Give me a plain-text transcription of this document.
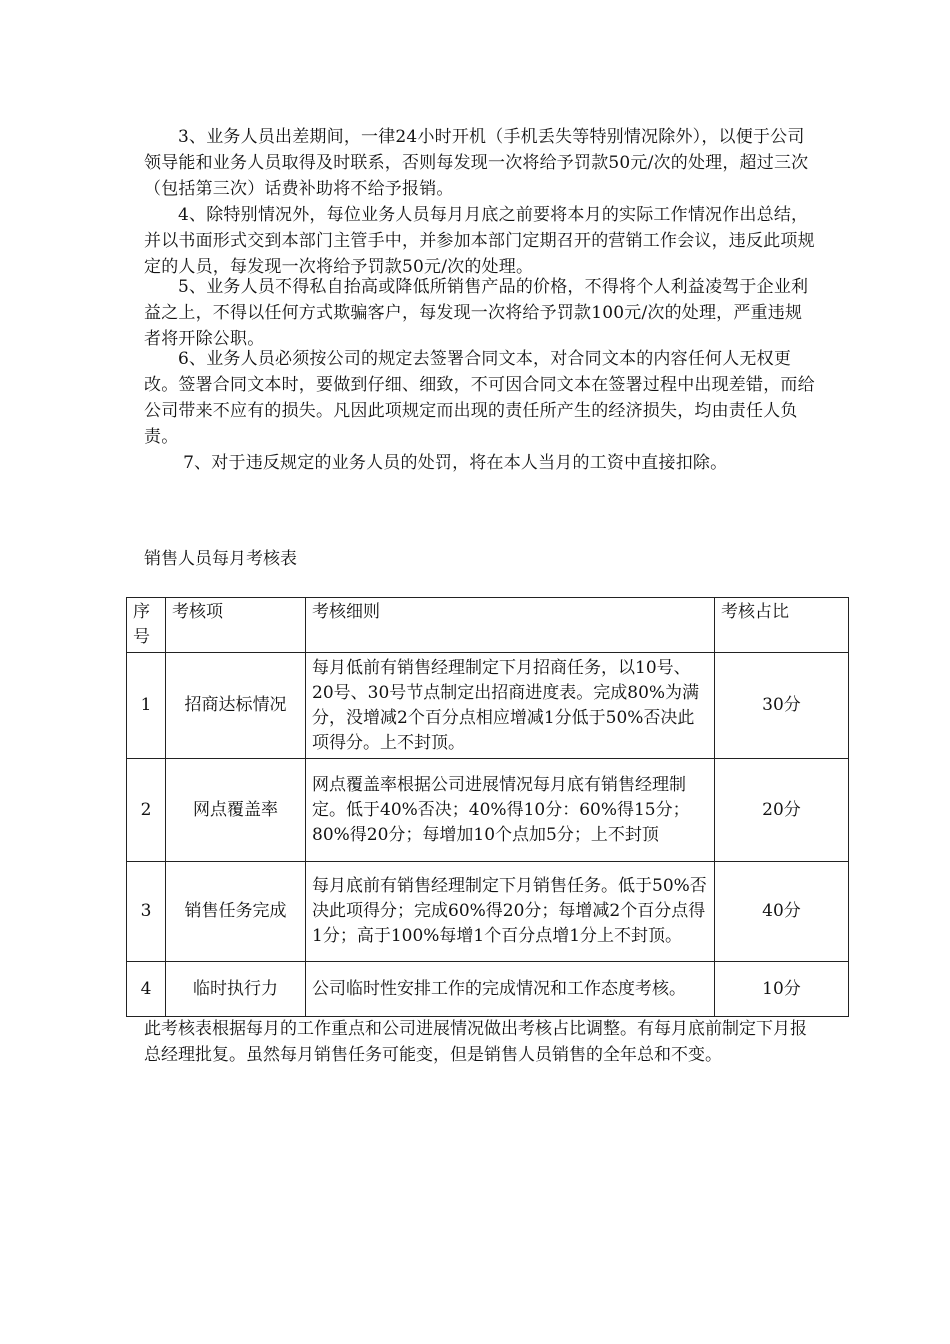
3、业务人员出差期间，一律24小时开机（手机丢失等特别情况除外），以便于公司领导能和业务人员取得及时联系，否则每发现一次将给予罚款50元/次的处理，超过三次（包括第三次）话费补助将不给予报销。

4、除特别情况外，每位业务人员每月月底之前要将本月的实际工作情况作出总结，并以书面形式交到本部门主管手中，并参加本部门定期召开的营销工作会议，违反此项规定的人员，每发现一次将给予罚款50元/次的处理。

5、业务人员不得私自抬高或降低所销售产品的价格，不得将个人利益凌驾于企业利益之上，不得以任何方式欺骗客户，每发现一次将给予罚款100元/次的处理，严重违规者将开除公职。

6、业务人员必须按公司的规定去签署合同文本，对合同文本的内容任何人无权更改。签署合同文本时，要做到仔细、细致，不可因合同文本在签署过程中出现差错，而给公司带来不应有的损失。凡因此项规定而出现的责任所产生的经济损失，均由责任人负责。

7、对于违反规定的业务人员的处罚，将在本人当月的工资中直接扣除。

销售人员每月考核表

序号	考核项	考核细则	考核占比
1	招商达标情况	每月低前有销售经理制定下月招商任务，以10号、20号、30号节点制定出招商进度表。完成80%为满分，没增减2个百分点相应增减1分低于50%否决此项得分。上不封顶。	30分
2	网点覆盖率	网点覆盖率根据公司进展情况每月底有销售经理制定。低于40%否决；40%得10分：60%得15分；80%得20分；每增加10个点加5分；上不封顶	20分
3	销售任务完成	每月底前有销售经理制定下月销售任务。低于50%否决此项得分；完成60%得20分；每增减2个百分点得1分；高于100%每增1个百分点增1分上不封顶。	40分
4	临时执行力	公司临时性安排工作的完成情况和工作态度考核。	10分

此考核表根据每月的工作重点和公司进展情况做出考核占比调整。有每月底前制定下月报总经理批复。虽然每月销售任务可能变，但是销售人员销售的全年总和不变。
